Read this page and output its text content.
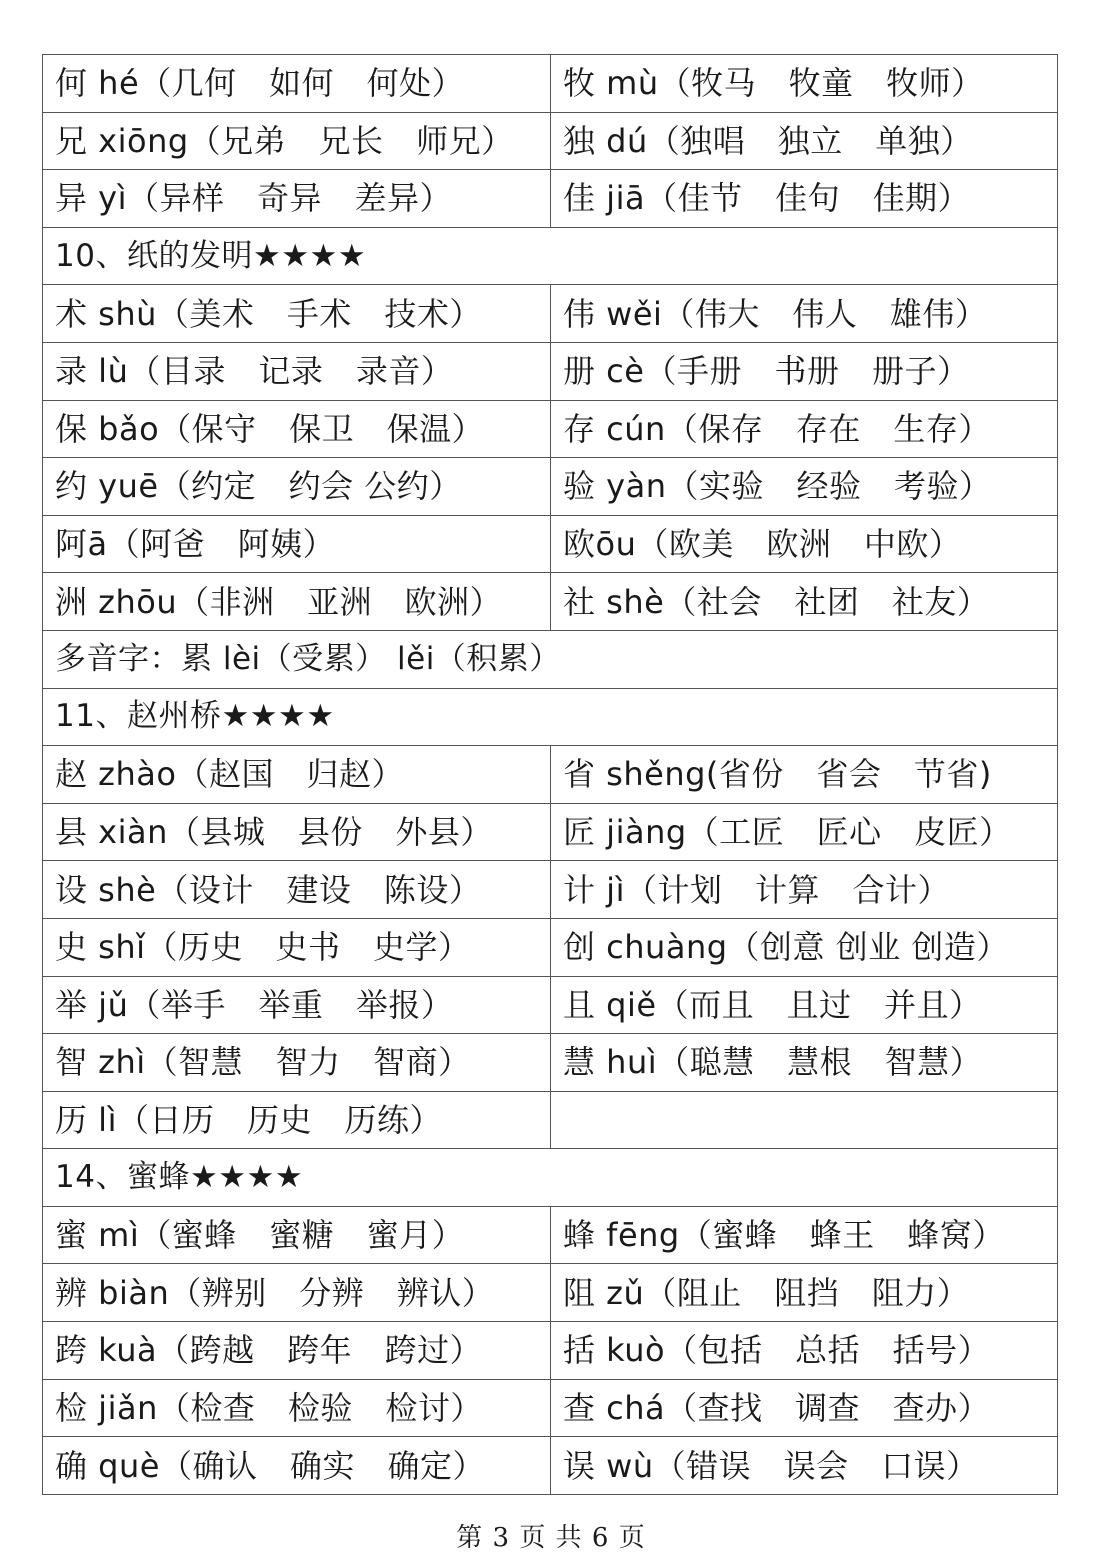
何 hé（几何　如何　何处）	牧 mù（牧马　牧童　牧师）
兄 xiōng（兄弟　兄长　师兄）	独 dú（独唱　独立　单独）
异 yì（异样　奇异　差异）	佳 jiā（佳节　佳句　佳期）
10、纸的发明★★★★	
术 shù（美术　手术　技术）	伟 wěi（伟大　伟人　雄伟）
录 lù（目录　记录　录音）	册 cè（手册　书册　册子）
保 bǎo（保守　保卫　保温）	存 cún（保存　存在　生存）
约 yuē（约定　约会 公约）	验 yàn（实验　经验　考验）
阿ā（阿爸　阿姨）	欧ōu（欧美　欧洲　中欧）
洲 zhōu（非洲　亚洲　欧洲）	社 shè（社会　社团　社友）
多音字：累 lèi（受累） lěi（积累）	
11、赵州桥★★★★	
赵 zhào（赵国　归赵）	省 shěng(省份　省会　节省)
县 xiàn（县城　县份　外县）	匠 jiàng（工匠　匠心　皮匠）
设 shè（设计　建设　陈设）	计 jì（计划　计算　合计）
史 shǐ（历史　史书　史学）	创 chuàng（创意 创业 创造）
举 jǔ（举手　举重　举报）	且 qiě（而且　且过　并且）
智 zhì（智慧　智力　智商）	慧 huì（聪慧　慧根　智慧）
历 lì（日历　历史　历练）	
14、蜜蜂★★★★	
蜜 mì（蜜蜂　蜜糖　蜜月）	蜂 fēng（蜜蜂　蜂王　蜂窝）
辨 biàn（辨别　分辨　辨认）	阻 zǔ（阻止　阻挡　阻力）
跨 kuà（跨越　跨年　跨过）	括 kuò（包括　总括　括号）
检 jiǎn（检查　检验　检讨）	查 chá（查找　调查　查办）
确 què（确认　确实　确定）	误 wù（错误　误会　口误）
第 3 页 共 6 页
